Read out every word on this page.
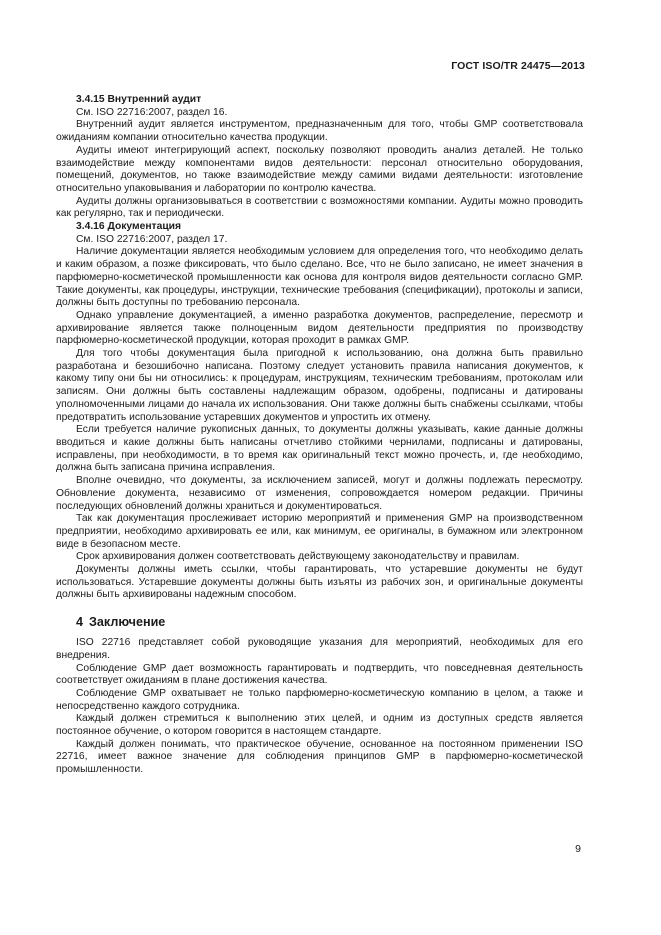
ГОСТ ISO/TR 24475—2013

3.4.15 Внутренний аудит

См. ISO 22716:2007, раздел 16.

Внутренний аудит является инструментом, предназначенным для того, чтобы GMP соответствовала ожиданиям компании относительно качества продукции.

Аудиты имеют интегрирующий аспект, поскольку позволяют проводить анализ деталей. Не только взаимодействие между компонентами видов деятельности: персонал относительно оборудования, помещений, документов, но также взаимодействие между самими видами деятельности: изготовление относительно упаковывания и лаборатории по контролю качества.

Аудиты должны организовываться в соответствии с возможностями компании. Аудиты можно проводить как регулярно, так и периодически.

3.4.16 Документация

См. ISO 22716:2007, раздел 17.

Наличие документации является необходимым условием для определения того, что необходимо делать и каким образом, а позже фиксировать, что было сделано. Все, что не было записано, не имеет значения в парфюмерно-косметической промышленности как основа для контроля видов деятельности согласно GMP. Такие документы, как процедуры, инструкции, технические требования (спецификации), протоколы и записи, должны быть доступны по требованию персонала.

Однако управление документацией, а именно разработка документов, распределение, пересмотр и архивирование является также полноценным видом деятельности предприятия по производству парфюмерно-косметической продукции, которая проходит в рамках GMP.

Для того чтобы документация была пригодной к использованию, она должна быть правильно разработана и безошибочно написана. Поэтому следует установить правила написания документов, к какому типу они бы ни относились: к процедурам, инструкциям, техническим требованиям, протоколам или записям. Они должны быть составлены надлежащим образом, одобрены, подписаны и датированы уполномоченными лицами до начала их использования. Они также должны быть снабжены ссылками, чтобы предотвратить использование устаревших документов и упростить их отмену.

Если требуется наличие рукописных данных, то документы должны указывать, какие данные должны вводиться и какие должны быть написаны отчетливо стойкими чернилами, подписаны и датированы, исправлены, при необходимости, в то время как оригинальный текст можно прочесть, и, где необходимо, должна быть записана причина исправления.

Вполне очевидно, что документы, за исключением записей, могут и должны подлежать пересмотру. Обновление документа, независимо от изменения, сопровождается номером редакции. Причины последующих обновлений должны храниться и документироваться.

Так как документация прослеживает историю мероприятий и применения GMP на производственном предприятии, необходимо архивировать ее или, как минимум, ее оригиналы, в бумажном или электронном виде в безопасном месте.

Срок архивирования должен соответствовать действующему законодательству и правилам.

Документы должны иметь ссылки, чтобы гарантировать, что устаревшие документы не будут использоваться. Устаревшие документы должны быть изъяты из рабочих зон, и оригинальные документы должны быть архивированы надежным способом.

4 Заключение

ISO 22716 представляет собой руководящие указания для мероприятий, необходимых для его внедрения.

Соблюдение GMP дает возможность гарантировать и подтвердить, что повседневная деятельность соответствует ожиданиям в плане достижения качества.

Соблюдение GMP охватывает не только парфюмерно-косметическую компанию в целом, а также и непосредственно каждого сотрудника.

Каждый должен стремиться к выполнению этих целей, и одним из доступных средств является постоянное обучение, о котором говорится в настоящем стандарте.

Каждый должен понимать, что практическое обучение, основанное на постоянном применении ISO 22716, имеет важное значение для соблюдения принципов GMP в парфюмерно-косметической промышленности.

9
